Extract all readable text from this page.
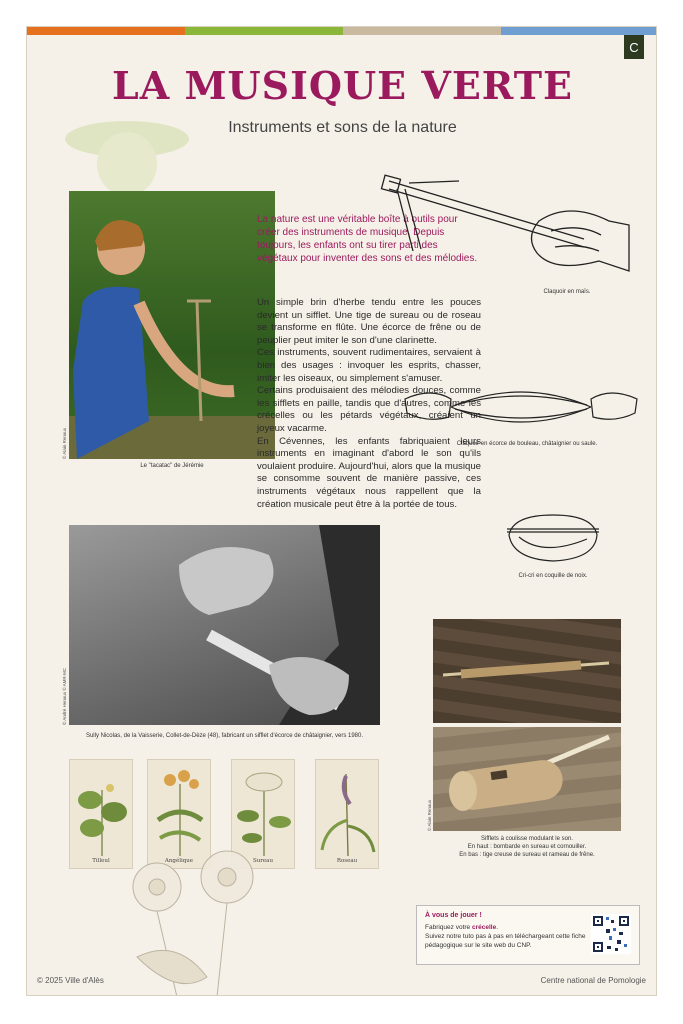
C
LA MUSIQUE VERTE
Instruments et sons de la nature
© Alain Renaux
Le "tacatac" de Jérémie
La nature est une véritable boîte à outils pour créer des instruments de musique. Depuis toujours, les enfants ont su tirer parti des végétaux pour inventer des sons et des mélodies.

Un simple brin d'herbe tendu entre les pouces devient un sifflet. Une tige de sureau ou de roseau se transforme en flûte. Une écorce de frêne ou de peuplier peut imiter le son d'une clarinette.

Ces instruments, souvent rudimentaires, servaient à bien des usages : invoquer les esprits, chasser, imiter les oiseaux, ou simplement s'amuser.

Certains produisaient des mélodies douces, comme les sifflets en paille, tandis que d'autres, comme les crécelles ou les pétards végétaux, créaient un joyeux vacarme.

En Cévennes, les enfants fabriquaient leurs instruments en imaginant d'abord le son qu'ils voulaient produire. Aujourd'hui, alors que la musique se consomme souvent de manière passive, ces instruments végétaux nous rappellent que la création musicale peut être à la portée de tous.

Claquoir en maïs.
Claquoir en écorce de bouleau, châtaignier ou saule.
Cri-cri en coquille de noix.
© André Henaux © AMR-MC
Sully Nicolas, de la Vaisserie, Collet-de-Dèze (48), fabricant un sifflet d'écorce de châtaignier, vers 1980.
© Alain Renaux
Sifflets à coulisse modulant le son.
En haut : bombarde en sureau et cornouiller.
En bas : tige creuse de sureau et rameau de frêne.
Tilleul	Angélique	Sureau	Roseau
À vous de jouer !
Fabriquez votre crécelle.
Suivez notre tuto pas à pas en téléchargeant cette fiche pédagogique sur le site web du CNP.
© 2025 Ville d'Alès	Centre national de Pomologie
